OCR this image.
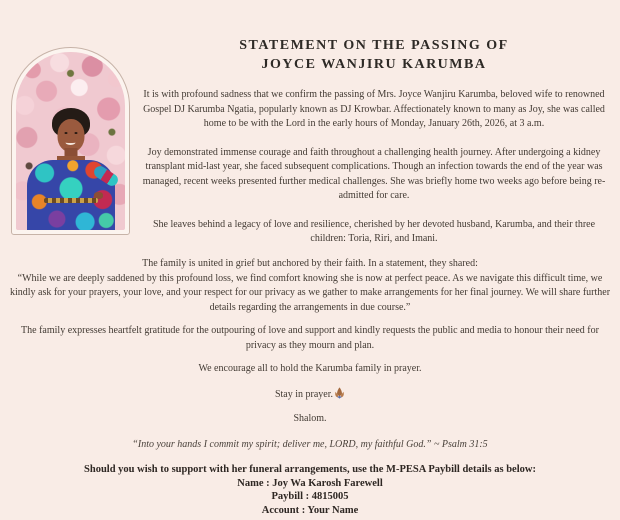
STATEMENT ON THE PASSING OF
JOYCE WANJIRU KARUMBA

It is with profound sadness that we confirm the passing of Mrs. Joyce Wanjiru Karumba, beloved wife to renowned Gospel DJ Karumba Ngatia, popularly known as DJ Krowbar. Affectionately known to many as Joy, she was called home to be with the Lord in the early hours of Monday, January 26th, 2026, at 3 a.m.

Joy demonstrated immense courage and faith throughout a challenging health journey. After undergoing a kidney transplant mid-last year, she faced subsequent complications. Though an infection towards the end of the year was managed, recent weeks presented further medical challenges. She was briefly home two weeks ago before being re-admitted for care.

She leaves behind a legacy of love and resilience, cherished by her devoted husband, Karumba, and their three children: Toria, Riri, and Imani.

The family is united in grief but anchored by their faith. In a statement, they shared:
“While we are deeply saddened by this profound loss, we find comfort knowing she is now at perfect peace. As we navigate this difficult time, we kindly ask for your prayers, your love, and your respect for our privacy as we gather to make arrangements for her final journey. We will share further details regarding the arrangements in due course.”

The family expresses heartfelt gratitude for the outpouring of love and support and kindly requests the public and media to honour their need for privacy as they mourn and plan.

We encourage all to hold the Karumba family in prayer.

Stay in prayer.
Shalom.
“Into your hands I commit my spirit; deliver me, LORD, my faithful God.” ~ Psalm 31:5
Should you wish to support with her funeral arrangements, use the M-PESA Paybill details as below:
Name : Joy Wa Karosh Farewell
Paybill : 4815005
Account : Your Name
